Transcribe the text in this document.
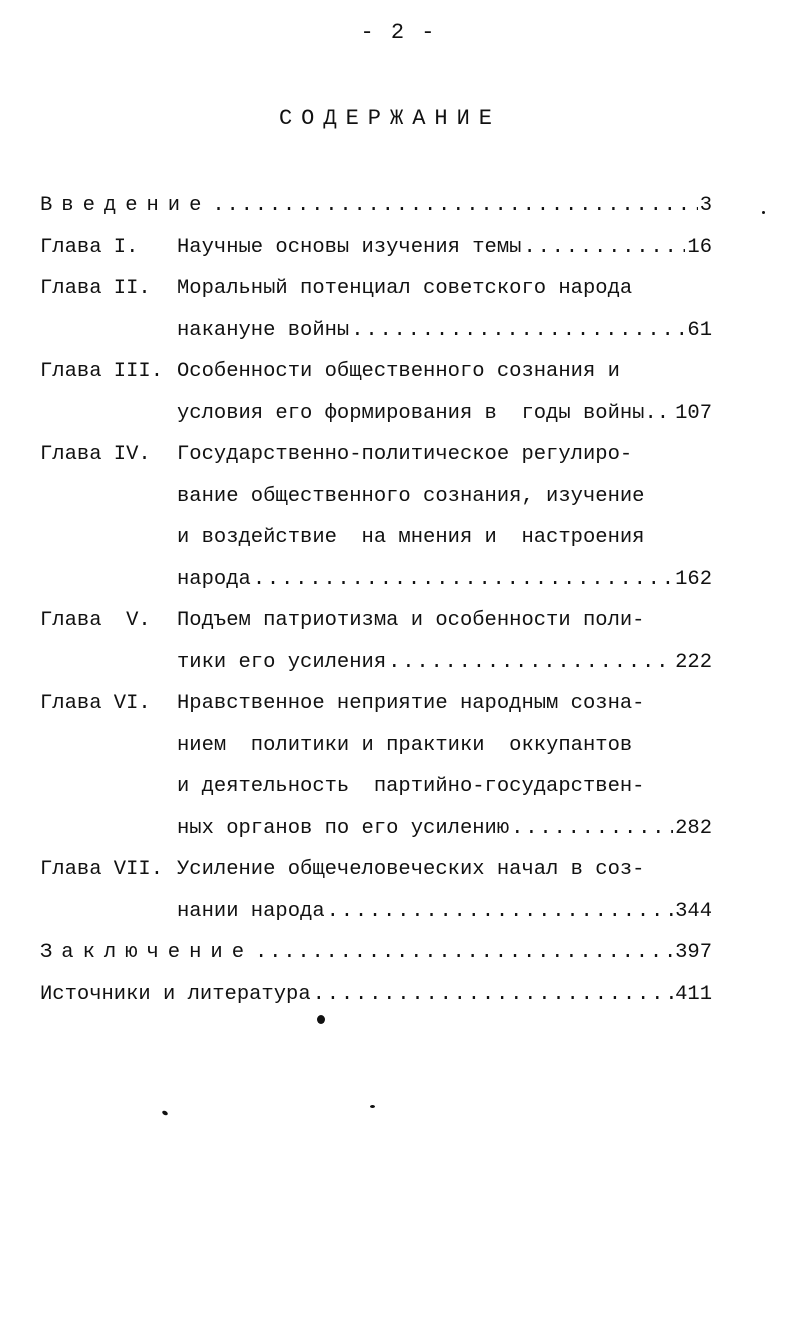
- 2 -
СОДЕРЖАНИЕ
Введение .....	3
Глава I. Научные основы изучения темы .....	16
Глава II. Моральный потенциал советского народа
накануне войны .....	61
Глава III. Особенности общественного сознания и
условия его формирования в  годы войны. ..... 107
Глава IV. Государственно-политическое регулиро-
вание общественного сознания, изучение
и воздействие  на мнения и  настроения
народа .....	162
Глава  V. Подъем патриотизма и особенности поли-
тики его усиления .....	222
Глава VI. Нравственное неприятие народным созна-
нием  политики и практики  оккупантов
и деятельность  партийно-государствен-
ных органов по его усилению .....	282
Глава VII. Усиление общечеловеческих начал в соз-
нании народа .....	344
Заключение .....	397
Источники и литература .....	411
